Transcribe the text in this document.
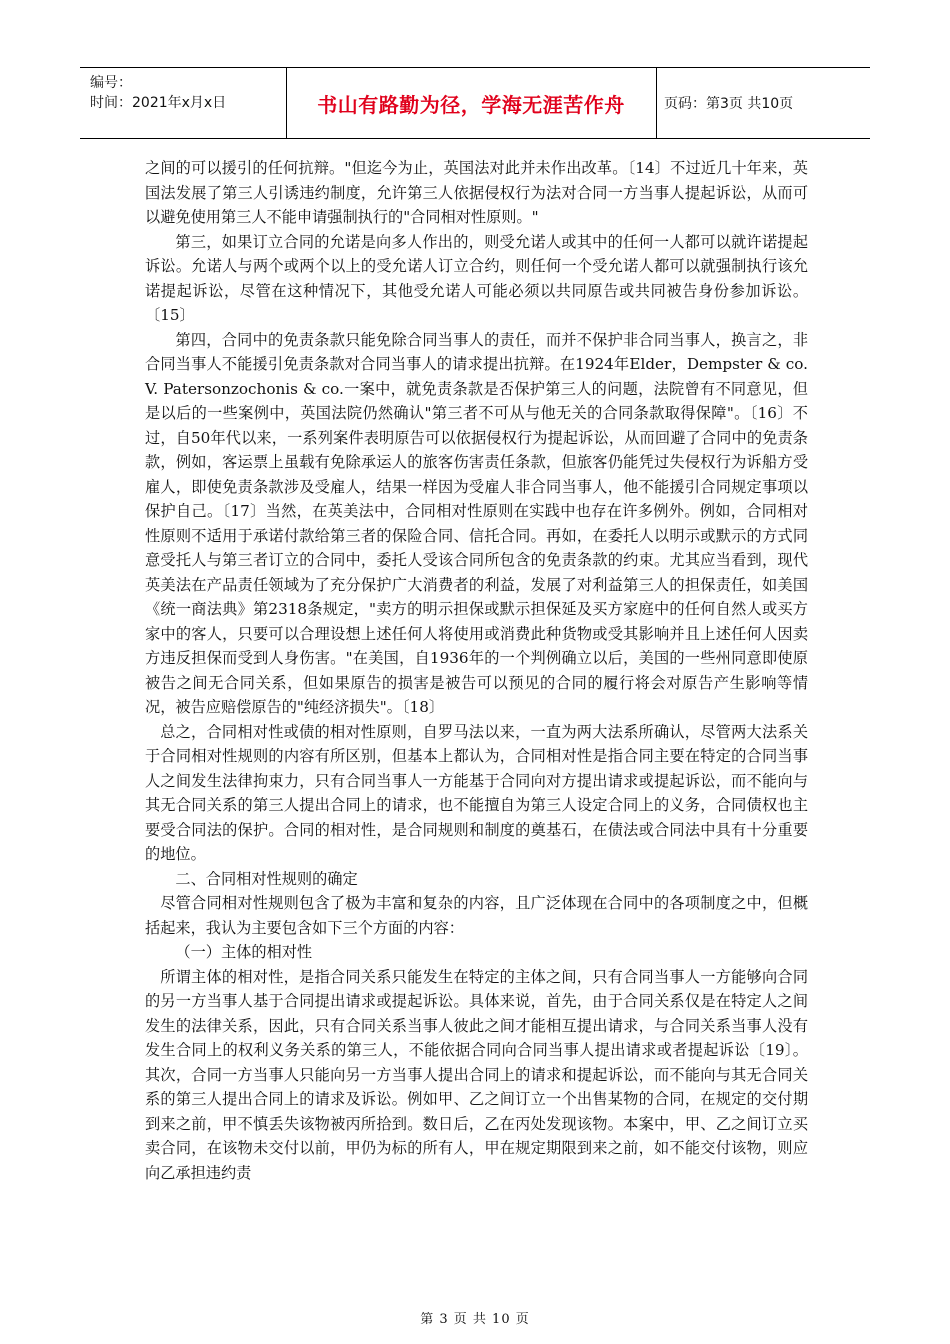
编号：
时间：2021年x月x日	书山有路勤为径，学海无涯苦作舟	页码：第3页 共10页

之间的可以援引的任何抗辩。"但迄今为止，英国法对此并未作出改革。〔14〕不过近几十年来，英国法发展了第三人引诱违约制度，允许第三人依据侵权行为法对合同一方当事人提起诉讼，从而可以避免使用第三人不能申请强制执行的"合同相对性原则。"

第三，如果订立合同的允诺是向多人作出的，则受允诺人或其中的任何一人都可以就许诺提起诉讼。允诺人与两个或两个以上的受允诺人订立合约，则任何一个受允诺人都可以就强制执行该允诺提起诉讼，尽管在这种情况下，其他受允诺人可能必须以共同原告或共同被告身份参加诉讼。〔15〕

第四，合同中的免责条款只能免除合同当事人的责任，而并不保护非合同当事人，换言之，非合同当事人不能援引免责条款对合同当事人的请求提出抗辩。在1924年Elder，Dempster & co. V. Patersonzochonis & co.一案中，就免责条款是否保护第三人的问题，法院曾有不同意见，但是以后的一些案例中，英国法院仍然确认"第三者不可从与他无关的合同条款取得保障"。〔16〕不过，自50年代以来，一系列案件表明原告可以依据侵权行为提起诉讼，从而回避了合同中的免责条款，例如，客运票上虽载有免除承运人的旅客伤害责任条款，但旅客仍能凭过失侵权行为诉船方受雇人，即使免责条款涉及受雇人，结果一样因为受雇人非合同当事人，他不能援引合同规定事项以保护自己。〔17〕当然，在英美法中，合同相对性原则在实践中也存在许多例外。例如，合同相对性原则不适用于承诺付款给第三者的保险合同、信托合同。再如，在委托人以明示或默示的方式同意受托人与第三者订立的合同中，委托人受该合同所包含的免责条款的约束。尤其应当看到，现代英美法在产品责任领域为了充分保护广大消费者的利益，发展了对利益第三人的担保责任，如美国《统一商法典》第2318条规定，"卖方的明示担保或默示担保延及买方家庭中的任何自然人或买方家中的客人，只要可以合理设想上述任何人将使用或消费此种货物或受其影响并且上述任何人因卖方违反担保而受到人身伤害。"在美国，自1936年的一个判例确立以后，美国的一些州同意即使原被告之间无合同关系，但如果原告的损害是被告可以预见的合同的履行将会对原告产生影响等情况，被告应赔偿原告的"纯经济损失"。〔18〕

总之，合同相对性或债的相对性原则，自罗马法以来，一直为两大法系所确认，尽管两大法系关于合同相对性规则的内容有所区别，但基本上都认为，合同相对性是指合同主要在特定的合同当事人之间发生法律拘束力，只有合同当事人一方能基于合同向对方提出请求或提起诉讼，而不能向与其无合同关系的第三人提出合同上的请求，也不能擅自为第三人设定合同上的义务，合同债权也主要受合同法的保护。合同的相对性，是合同规则和制度的奠基石，在债法或合同法中具有十分重要的地位。

二、合同相对性规则的确定

尽管合同相对性规则包含了极为丰富和复杂的内容，且广泛体现在合同中的各项制度之中，但概括起来，我认为主要包含如下三个方面的内容：

（一）主体的相对性

所谓主体的相对性，是指合同关系只能发生在特定的主体之间，只有合同当事人一方能够向合同的另一方当事人基于合同提出请求或提起诉讼。具体来说，首先，由于合同关系仅是在特定人之间发生的法律关系，因此，只有合同关系当事人彼此之间才能相互提出请求，与合同关系当事人没有发生合同上的权利义务关系的第三人，不能依据合同向合同当事人提出请求或者提起诉讼〔19〕。其次，合同一方当事人只能向另一方当事人提出合同上的请求和提起诉讼，而不能向与其无合同关系的第三人提出合同上的请求及诉讼。例如甲、乙之间订立一个出售某物的合同，在规定的交付期到来之前，甲不慎丢失该物被丙所拾到。数日后，乙在丙处发现该物。本案中，甲、乙之间订立买卖合同，在该物未交付以前，甲仍为标的所有人，甲在规定期限到来之前，如不能交付该物，则应向乙承担违约责

第 3 页 共 10 页
